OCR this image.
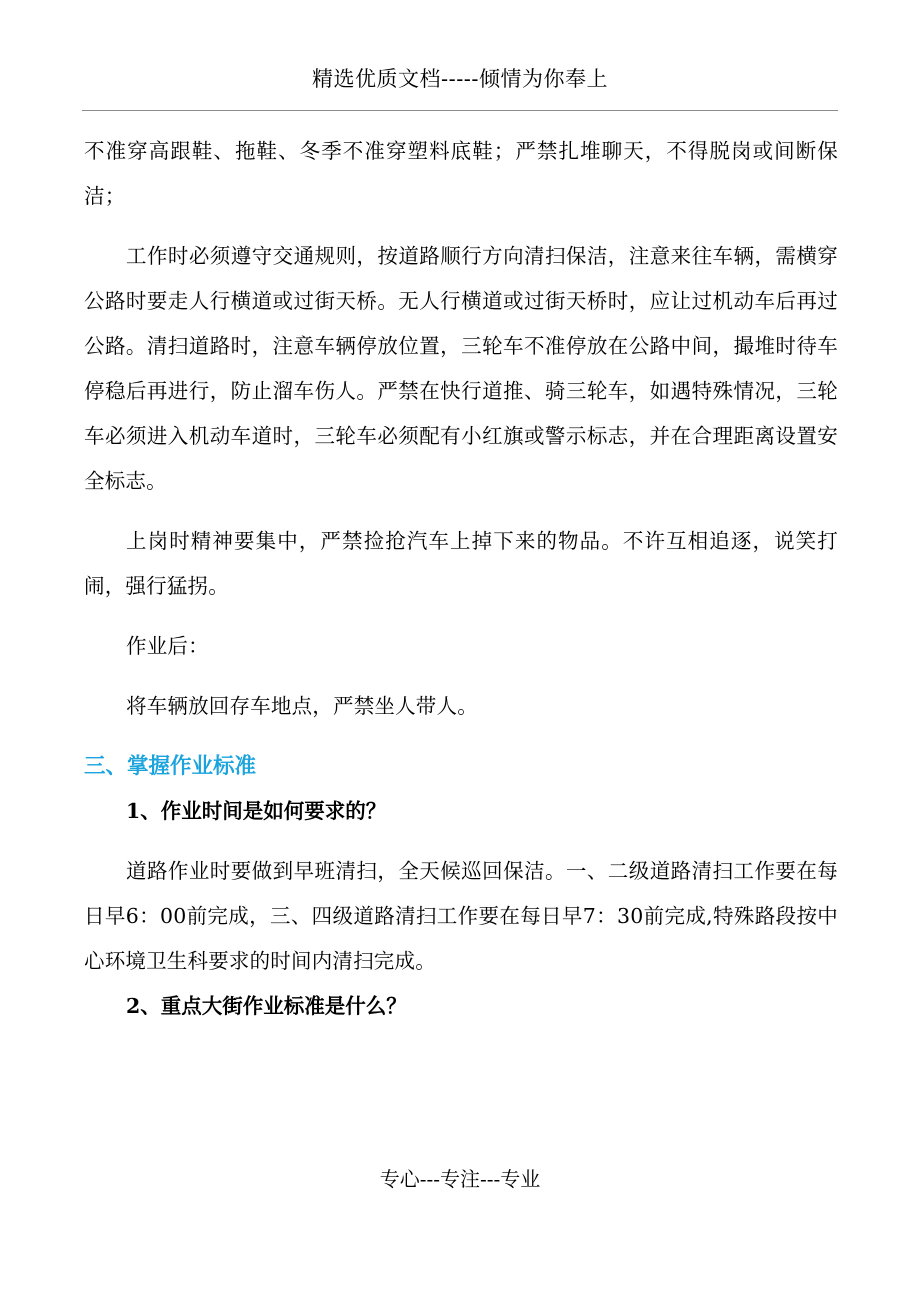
精选优质文档-----倾情为你奉上

不准穿高跟鞋、拖鞋、冬季不准穿塑料底鞋；严禁扎堆聊天，不得脱岗或间断保洁；

工作时必须遵守交通规则，按道路顺行方向清扫保洁，注意来往车辆，需横穿公路时要走人行横道或过街天桥。无人行横道或过街天桥时，应让过机动车后再过公路。清扫道路时，注意车辆停放位置，三轮车不准停放在公路中间，撮堆时待车停稳后再进行，防止溜车伤人。严禁在快行道推、骑三轮车，如遇特殊情况，三轮车必须进入机动车道时，三轮车必须配有小红旗或警示标志，并在合理距离设置安全标志。

上岗时精神要集中，严禁捡抢汽车上掉下来的物品。不许互相追逐，说笑打闹，强行猛拐。

作业后：

将车辆放回存车地点，严禁坐人带人。

三、掌握作业标准
1、作业时间是如何要求的？

道路作业时要做到早班清扫，全天候巡回保洁。一、二级道路清扫工作要在每日早6：00前完成，三、四级道路清扫工作要在每日早7：30前完成,特殊路段按中心环境卫生科要求的时间内清扫完成。

2、重点大街作业标准是什么？
专心---专注---专业
